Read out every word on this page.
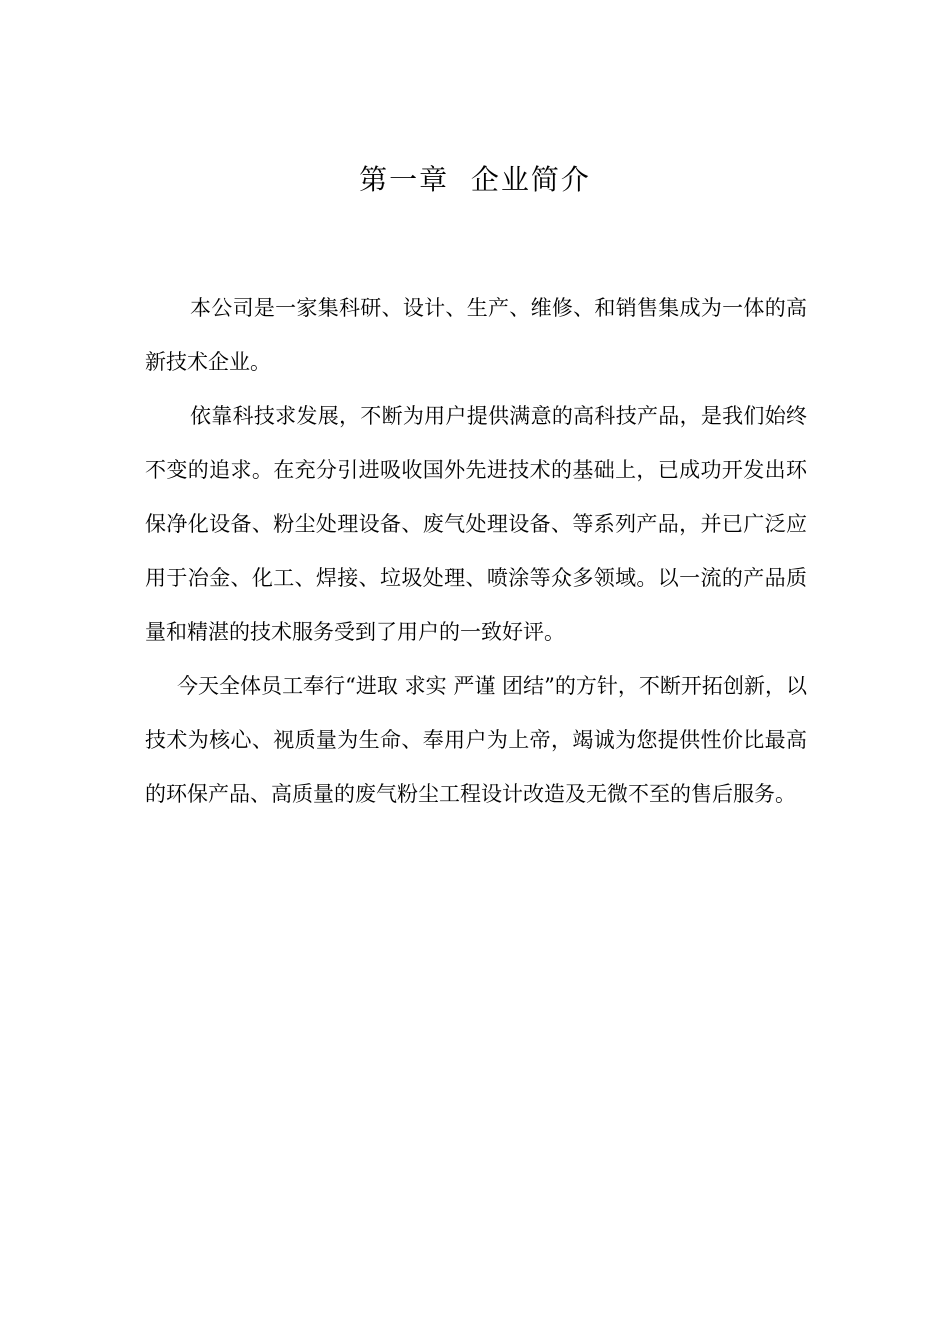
第一章  企业简介

本公司是一家集科研、设计、生产、维修、和销售集成为一体的高新技术企业。

依靠科技求发展，不断为用户提供满意的高科技产品，是我们始终不变的追求。在充分引进吸收国外先进技术的基础上，已成功开发出环保净化设备、粉尘处理设备、废气处理设备、等系列产品，并已广泛应用于冶金、化工、焊接、垃圾处理、喷涂等众多领域。以一流的产品质量和精湛的技术服务受到了用户的一致好评。

今天全体员工奉行“进取 求实 严谨 团结”的方针，不断开拓创新，以技术为核心、视质量为生命、奉用户为上帝，竭诚为您提供性价比最高的环保产品、高质量的废气粉尘工程设计改造及无微不至的售后服务。
